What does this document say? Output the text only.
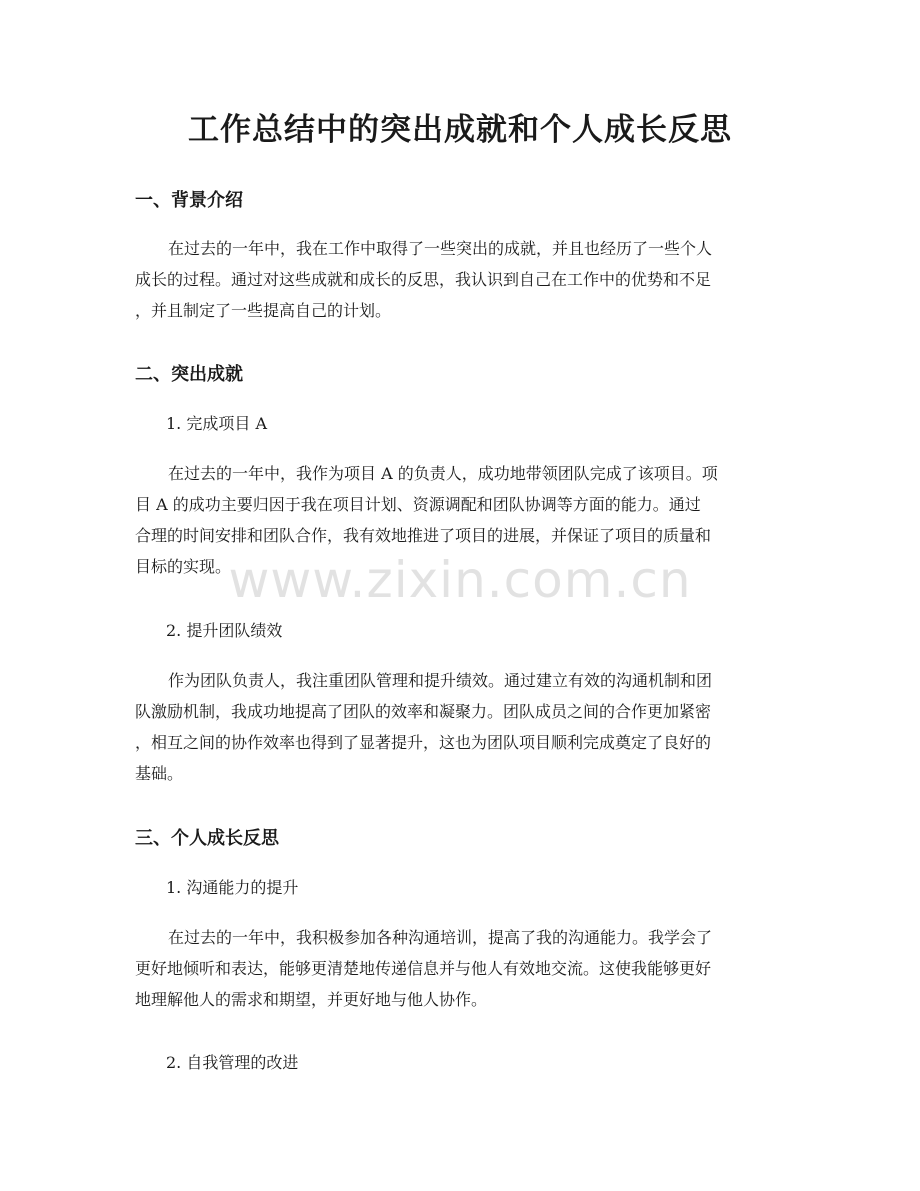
工作总结中的突出成就和个人成长反思
一、背景介绍

在过去的一年中，我在工作中取得了一些突出的成就，并且也经历了一些个人
成长的过程。通过对这些成就和成长的反思，我认识到自己在工作中的优势和不足
，并且制定了一些提高自己的计划。

二、突出成就

1. 完成项目 A

在过去的一年中，我作为项目 A 的负责人，成功地带领团队完成了该项目。项
目 A 的成功主要归因于我在项目计划、资源调配和团队协调等方面的能力。通过
合理的时间安排和团队合作，我有效地推进了项目的进展，并保证了项目的质量和
目标的实现。

2. 提升团队绩效

作为团队负责人，我注重团队管理和提升绩效。通过建立有效的沟通机制和团
队激励机制，我成功地提高了团队的效率和凝聚力。团队成员之间的合作更加紧密
，相互之间的协作效率也得到了显著提升，这也为团队项目顺利完成奠定了良好的
基础。

三、个人成长反思

1. 沟通能力的提升

在过去的一年中，我积极参加各种沟通培训，提高了我的沟通能力。我学会了
更好地倾听和表达，能够更清楚地传递信息并与他人有效地交流。这使我能够更好
地理解他人的需求和期望，并更好地与他人协作。

2. 自我管理的改进

www.zixin.com.cn
